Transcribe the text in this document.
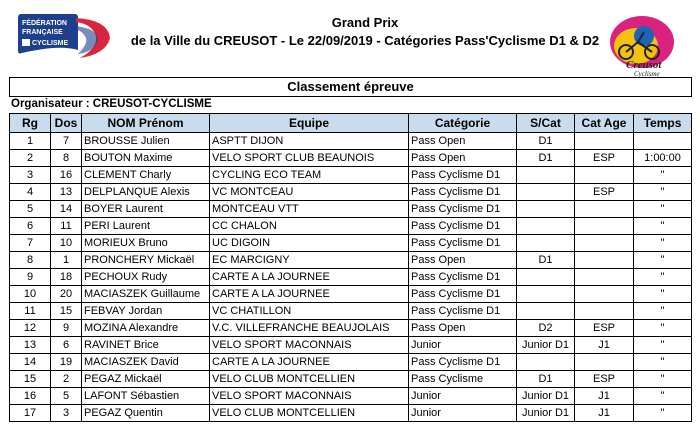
FÉDÉRATION
FRANÇAISE
CYCLISME
Grand Prix
de la Ville du CREUSOT - Le 22/09/2019 - Catégories Pass'Cyclisme D1 & D2
Creusot
Cyclisme
Classement épreuve
Organisateur : CREUSOT-CYCLISME
Rg	Dos	NOM Prénom	Equipe	Catégorie	S/Cat	Cat Age	Temps
1	7	BROUSSE Julien	ASPTT DIJON	Pass Open	D1		
2	8	BOUTON Maxime	VELO SPORT CLUB BEAUNOIS	Pass Open	D1	ESP	1:00:00
3	16	CLEMENT Charly	CYCLING ECO TEAM	Pass Cyclisme D1			"
4	13	DELPLANQUE Alexis	VC MONTCEAU	Pass Cyclisme D1		ESP	"
5	14	BOYER Laurent	MONTCEAU VTT	Pass Cyclisme D1			"
6	11	PERI Laurent	CC CHALON	Pass Cyclisme D1			"
7	10	MORIEUX Bruno	UC DIGOIN	Pass Cyclisme D1			"
8	1	PRONCHERY Mickaël	EC MARCIGNY	Pass Open	D1		"
9	18	PECHOUX Rudy	CARTE A LA JOURNEE	Pass Cyclisme D1			"
10	20	MACIASZEK Guillaume	CARTE A LA JOURNEE	Pass Cyclisme D1			"
11	15	FEBVAY Jordan	VC CHATILLON	Pass Cyclisme D1			"
12	9	MOZINA Alexandre	V.C. VILLEFRANCHE BEAUJOLAIS	Pass Open	D2	ESP	"
13	6	RAVINET Brice	VELO SPORT MACONNAIS	Junior	Junior D1	J1	"
14	19	MACIASZEK David	CARTE A LA JOURNEE	Pass Cyclisme D1			"
15	2	PEGAZ Mickaël	VELO CLUB MONTCELLIEN	Pass Cyclisme	D1	ESP	"
16	5	LAFONT Sébastien	VELO SPORT MACONNAIS	Junior	Junior D1	J1	"
17	3	PEGAZ Quentin	VELO CLUB MONTCELLIEN	Junior	Junior D1	J1	"
